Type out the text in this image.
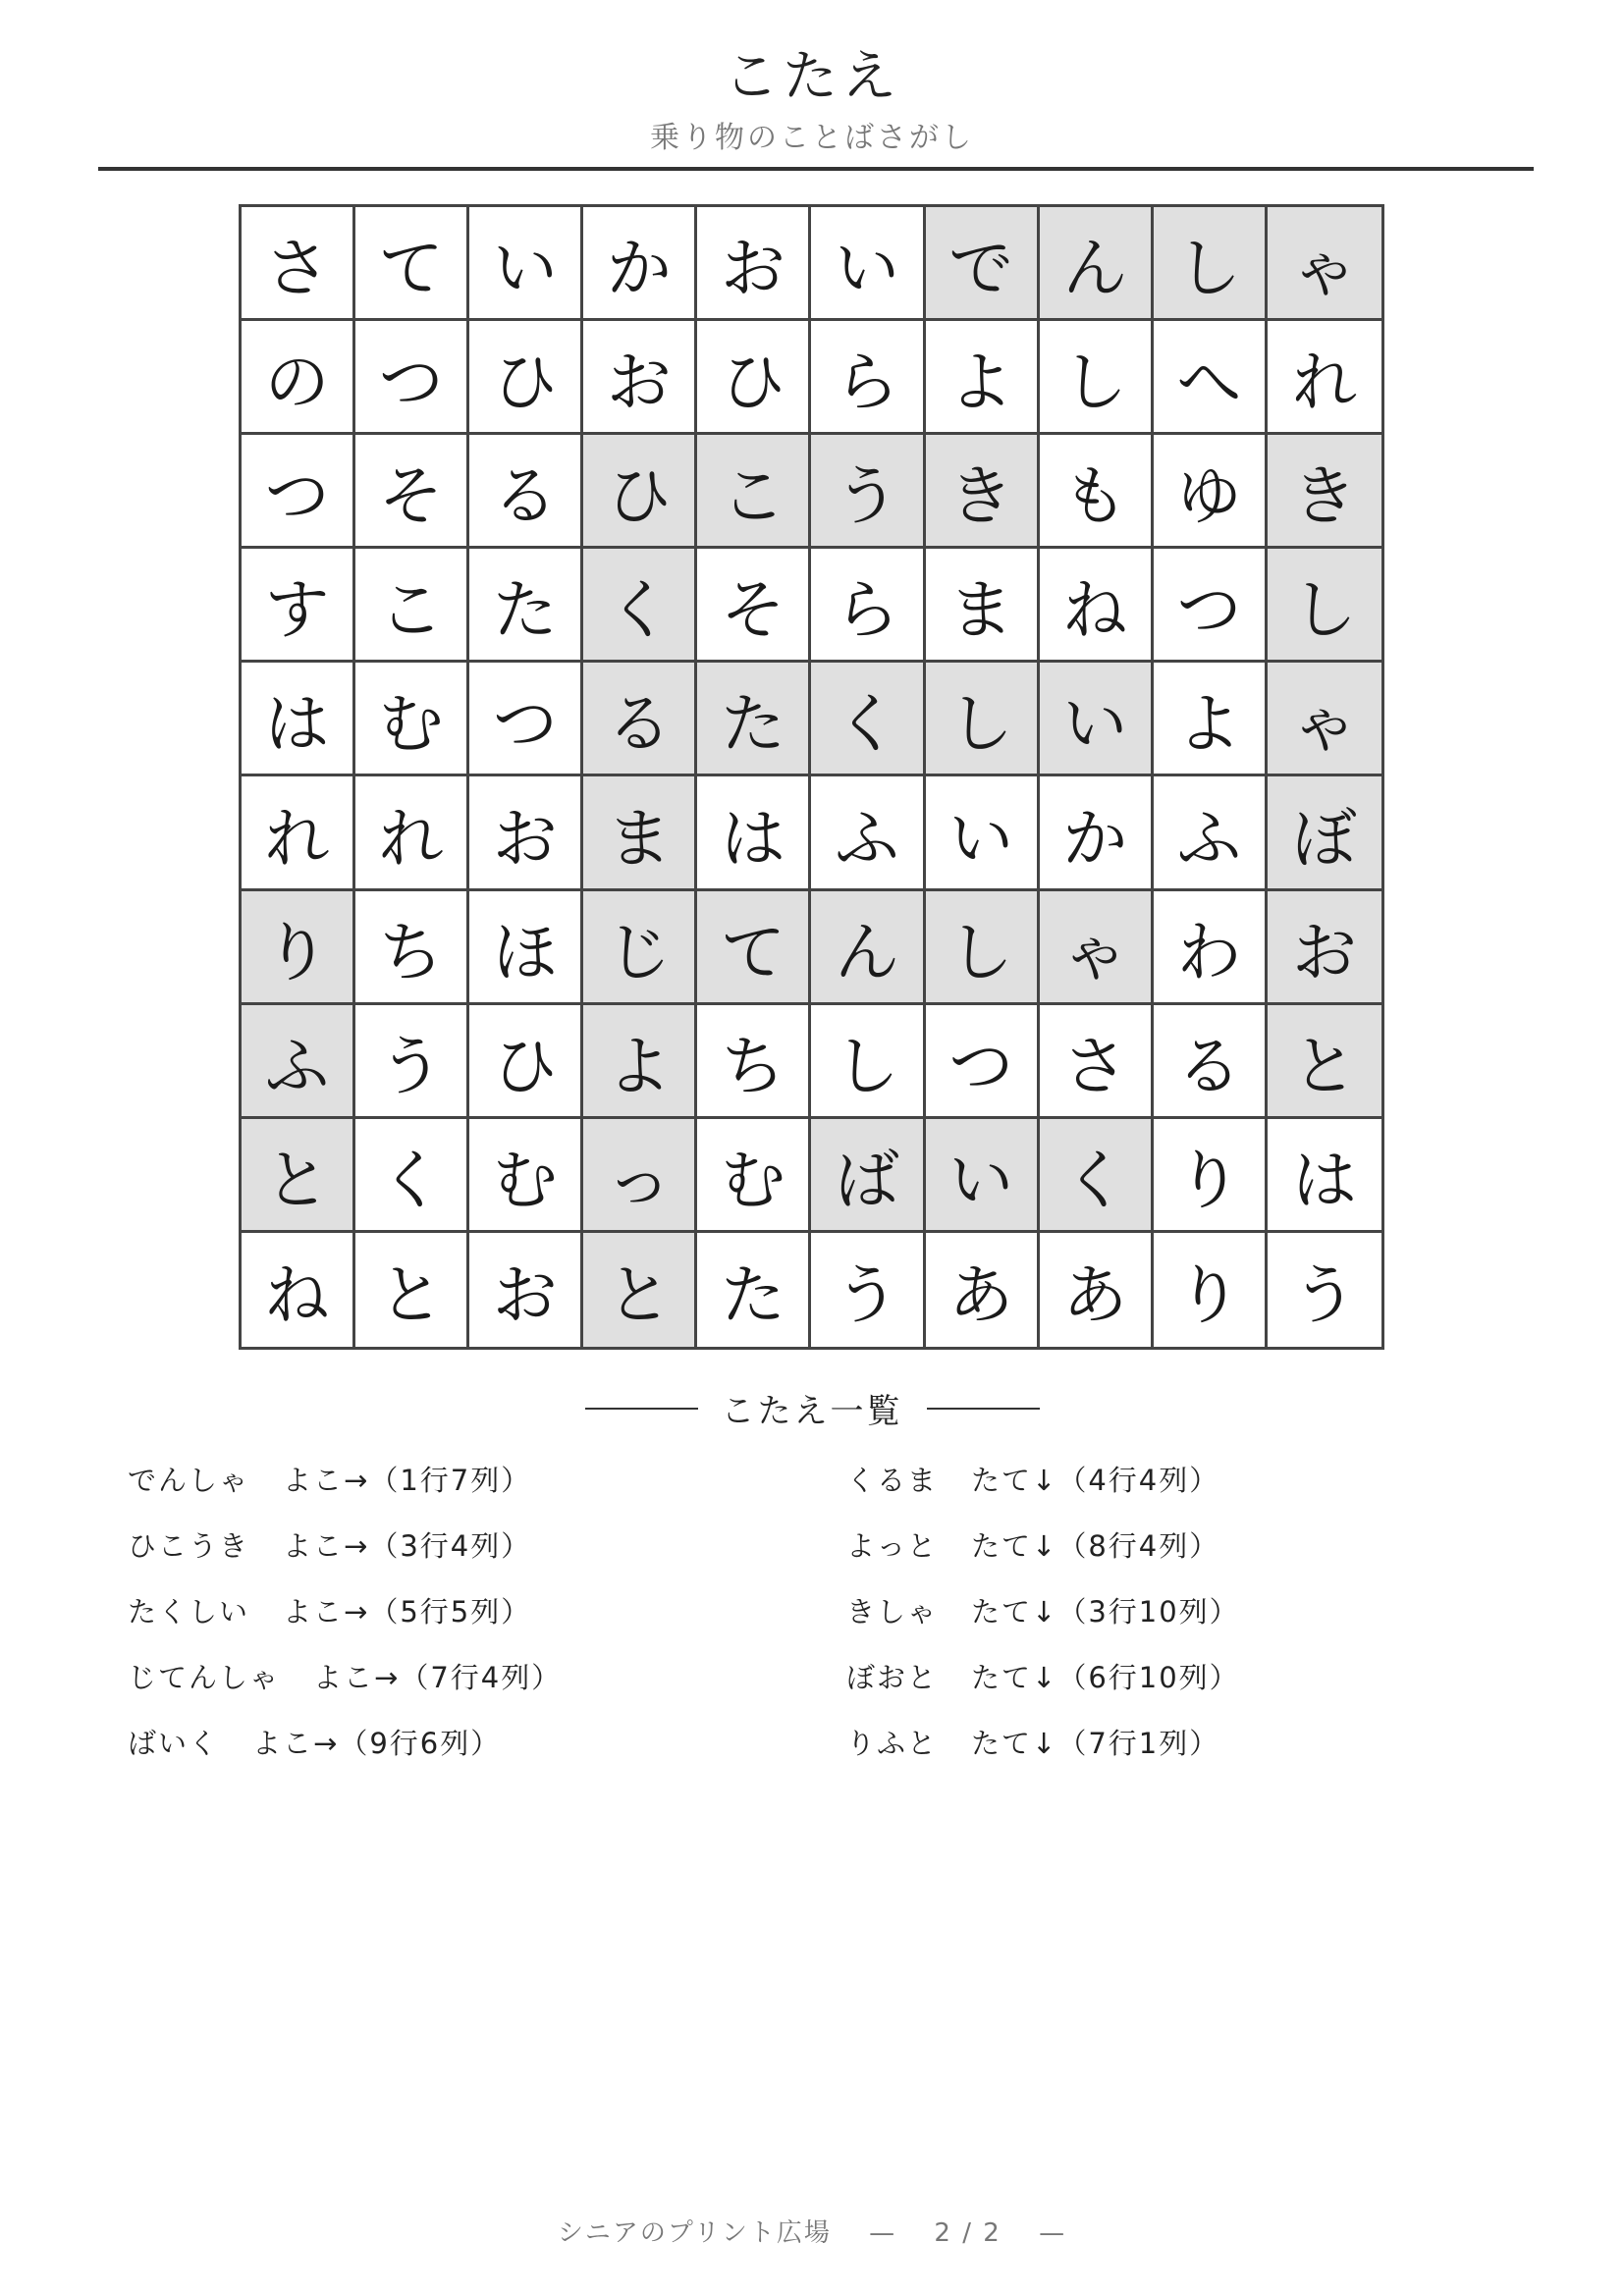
こたえ
乗り物のことばさがし
さ て い か お い で ん し ゃ
の つ ひ お ひ ら よ し へ れ
つ そ る ひ こ う き も ゆ き
す こ た く そ ら ま ね つ し
は む つ る た く し い よ ゃ
れ れ お ま は ふ い か ふ ぼ
り ち ほ じ て ん し ゃ わ お
ふ う ひ よ ち し つ さ る と
と く む っ む ば い く り は
ね と お と た う あ あ り う
こたえ一覧
でんしゃ よこ→（1行7列）
ひこうき よこ→（3行4列）
たくしい よこ→（5行5列）
じてんしゃ よこ→（7行4列）
ばいく よこ→（9行6列）
くるま たて↓（4行4列）
よっと たて↓（8行4列）
きしゃ たて↓（3行10列）
ぼおと たて↓（6行10列）
りふと たて↓（7行1列）
シニアのプリント広場 — 2 / 2 —
